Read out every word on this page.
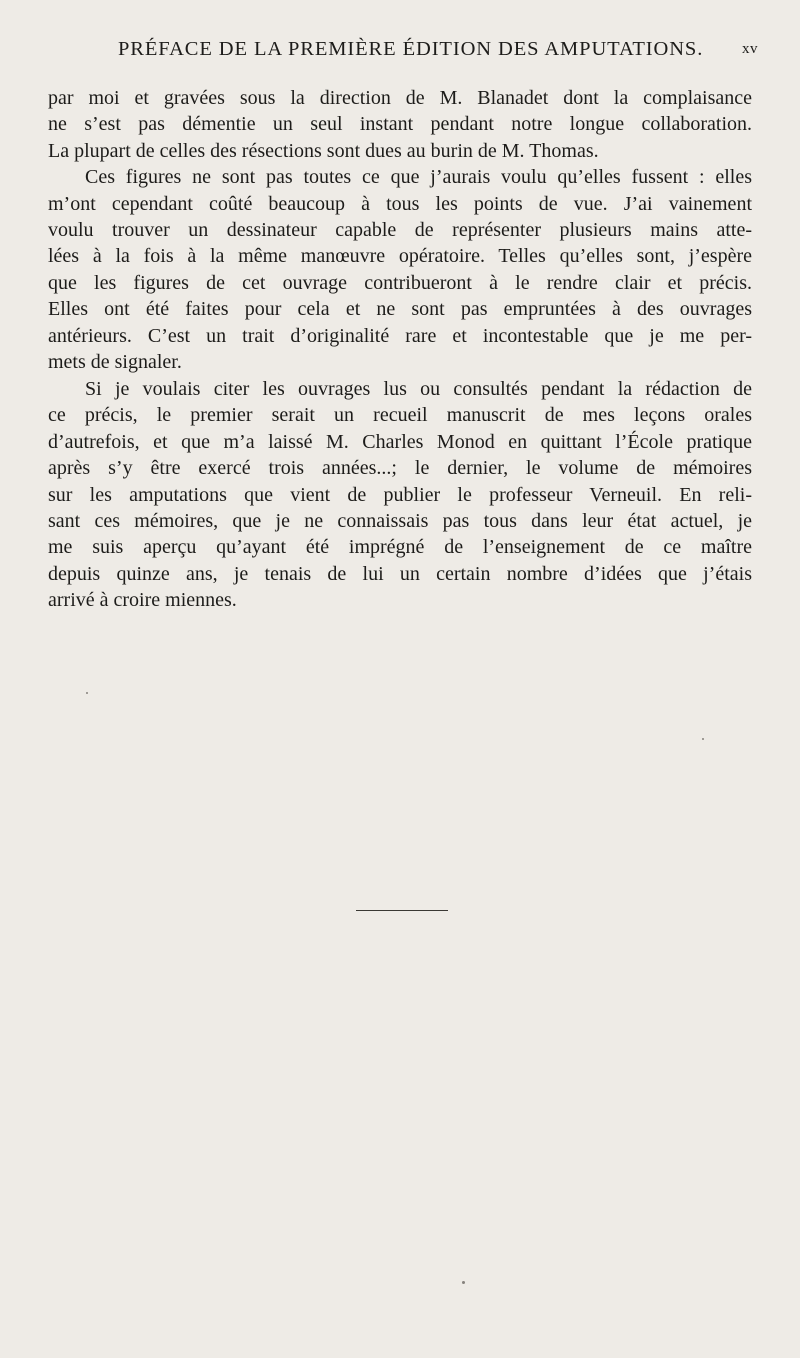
PRÉFACE DE LA PREMIÈRE ÉDITION DES AMPUTATIONS.	xv
par moi et gravées sous la direction de M. Blanadet dont la complaisance
ne s’est pas démentie un seul instant pendant notre longue collaboration.
La plupart de celles des résections sont dues au burin de M. Thomas.
Ces figures ne sont pas toutes ce que j’aurais voulu qu’elles fussent : elles
m’ont cependant coûté beaucoup à tous les points de vue. J’ai vainement
voulu trouver un dessinateur capable de représenter plusieurs mains atte-
lées à la fois à la même manœuvre opératoire. Telles qu’elles sont, j’espère
que les figures de cet ouvrage contribueront à le rendre clair et précis.
Elles ont été faites pour cela et ne sont pas empruntées à des ouvrages
antérieurs. C’est un trait d’originalité rare et incontestable que je me per-
mets de signaler.
Si je voulais citer les ouvrages lus ou consultés pendant la rédaction de
ce précis, le premier serait un recueil manuscrit de mes leçons orales
d’autrefois, et que m’a laissé M. Charles Monod en quittant l’École pratique
après s’y être exercé trois années...; le dernier, le volume de mémoires
sur les amputations que vient de publier le professeur Verneuil. En reli-
sant ces mémoires, que je ne connaissais pas tous dans leur état actuel, je
me suis aperçu qu’ayant été imprégné de l’enseignement de ce maître
depuis quinze ans, je tenais de lui un certain nombre d’idées que j’étais
arrivé à croire miennes.
